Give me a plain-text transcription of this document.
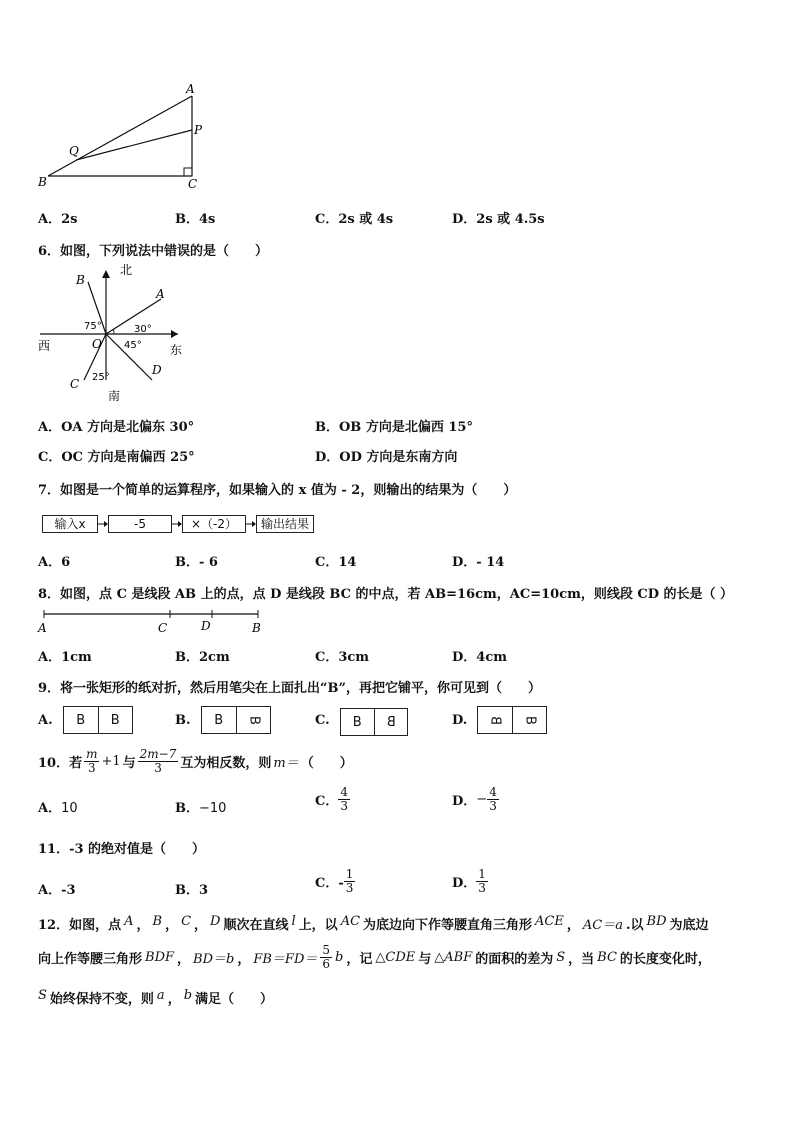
A
P
Q
B	C
A．2s	B．4s	C．2s 或 4s	D．2s 或 4.5s
6．如图，下列说法中错误的是（　　）
北
南
西	东
O
A
B
C
D
75°	30°
45°
25°
A．OA 方向是北偏东 30°	B．OB 方向是北偏西 15°
C．OC 方向是南偏西 25°	D．OD 方向是东南方向
7．如图是一个简单的运算程序，如果输入的 x 值为 - 2，则输出的结果为（　　）
输入x	-5	×（-2）	输出结果
A．6	B．- 6	C．14	D．- 14
8．如图，点 C 是线段 AB 上的点，点 D 是线段 BC 的中点，若 AB=16cm，AC=10cm，则线段 CD 的长是（ ）
A	C	D	B
A．1cm	B．2cm	C．3cm	D．4cm
9．将一张矩形的纸对折，然后用笔尖在上面扎出“B”，再把它铺平，你可见到（　　）
A.	B	B	B.	B	B	C.	B	B	D. B B
10．若 $\frac{m}{3} +1$ 与 $\frac{2m-7}{3}$ 互为相反数，则 m＝ （　　）
A．10	B．−10	C． $\frac{4}{3}$	D． − $\frac{4}{3}$
11．-3 的绝对值是（　　）
A．-3	B．3	C．- $\frac{1}{3}$	D． $\frac{1}{3}$
12．如图，点 A ， B ， C ， D 顺次在直线 l 上，以 AC 为底边向下作等腰直角三角形 ACE ， AC＝a .以 BD 为底边
向上作等腰三角形 BDF ， BD＝b ， $FB=FD= \frac{5}{6}$ b ，记 △CDE 与 △ABF 的面积的差为 S ，当 BC 的长度变化时，
S 始终保持不变，则 a ， b 满足（　　）
